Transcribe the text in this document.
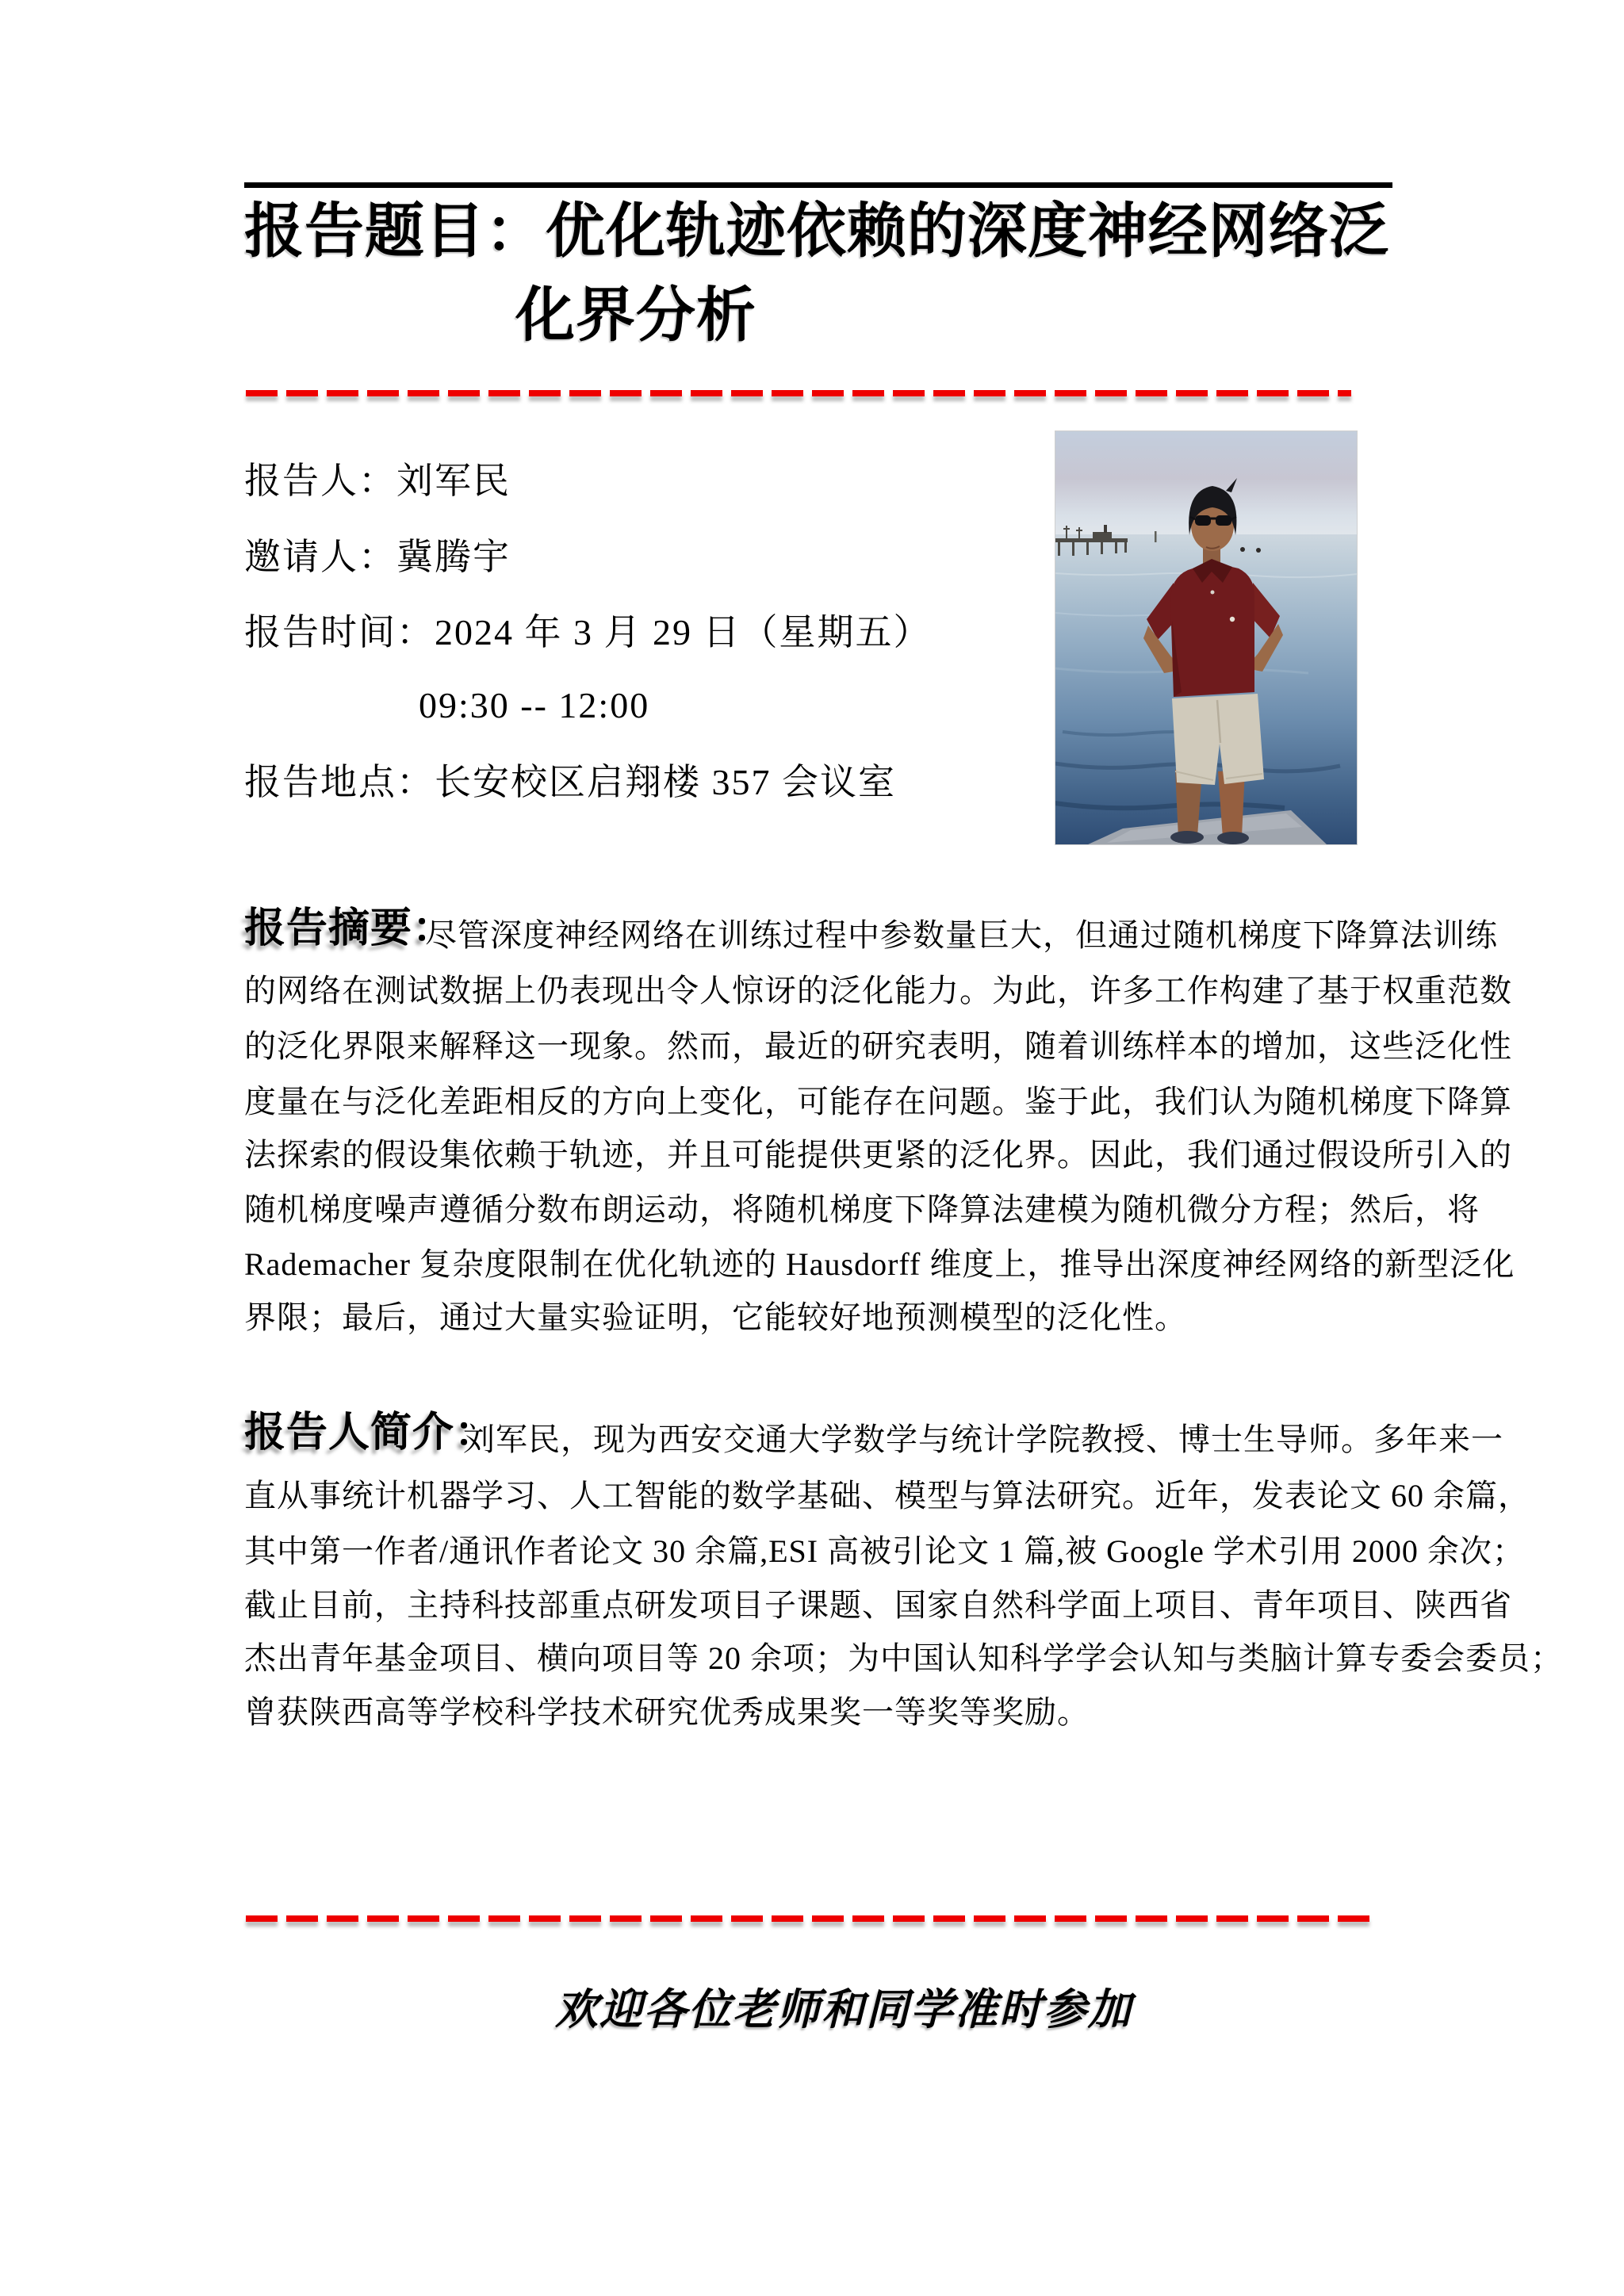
报告题目：优化轨迹依赖的深度神经网络泛
化界分析
报告人：刘军民
邀请人：冀腾宇
报告时间：2024 年 3 月 29 日（星期五）
09:30 -- 12:00
报告地点：长安校区启翔楼 357 会议室
报告摘要：
尽管深度神经网络在训练过程中参数量巨大，但通过随机梯度下降算法训练
的网络在测试数据上仍表现出令人惊讶的泛化能力。为此，许多工作构建了基于权重范数
的泛化界限来解释这一现象。然而，最近的研究表明，随着训练样本的增加，这些泛化性
度量在与泛化差距相反的方向上变化，可能存在问题。鉴于此，我们认为随机梯度下降算
法探索的假设集依赖于轨迹，并且可能提供更紧的泛化界。因此，我们通过假设所引入的
随机梯度噪声遵循分数布朗运动，将随机梯度下降算法建模为随机微分方程；然后，将
Rademacher 复杂度限制在优化轨迹的 Hausdorff 维度上，推导出深度神经网络的新型泛化
界限；最后，通过大量实验证明，它能较好地预测模型的泛化性。
报告人简介：
刘军民，现为西安交通大学数学与统计学院教授、博士生导师。多年来一
直从事统计机器学习、人工智能的数学基础、模型与算法研究。近年，发表论文 60 余篇，
其中第一作者/通讯作者论文 30 余篇,ESI 高被引论文 1 篇,被 Google 学术引用 2000 余次；
截止目前，主持科技部重点研发项目子课题、国家自然科学面上项目、青年项目、陕西省
杰出青年基金项目、横向项目等 20 余项；为中国认知科学学会认知与类脑计算专委会委员；
曾获陕西高等学校科学技术研究优秀成果奖一等奖等奖励。
欢迎各位老师和同学准时参加
